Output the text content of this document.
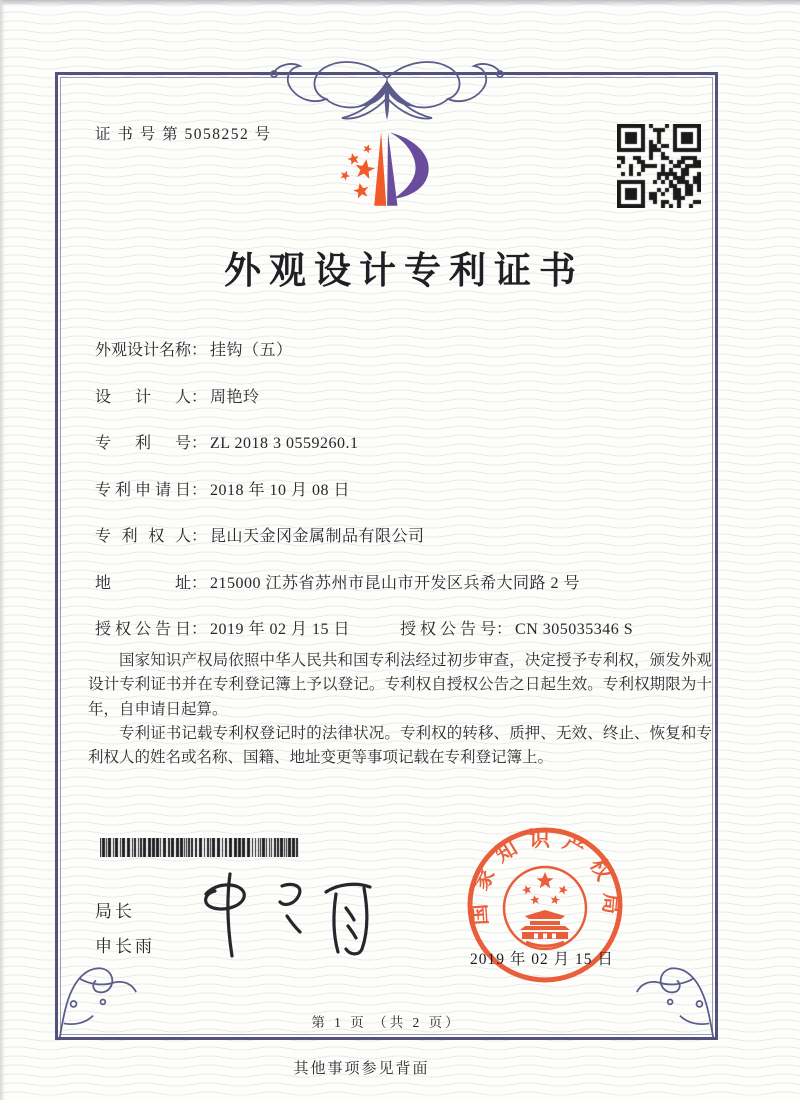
证 书 号 第 5058252 号
外观设计专利证书
外观设计名称： 挂钩（五）
设计人： 周艳玲
专利号： ZL 2018 3 0559260.1
专利申请日： 2018 年 10 月 08 日
专利权人： 昆山天金冈金属制品有限公司
地址： 215000 江苏省苏州市昆山市开发区兵希大同路 2 号
授权公告日： 2019 年 02 月 15 日	授权公告号： CN 305035346 S

国家知识产权局依照中华人民共和国专利法经过初步审查，决定授予专利权，颁发外观设计专利证书并在专利登记簿上予以登记。专利权自授权公告之日起生效。专利权期限为十年，自申请日起算。

专利证书记载专利权登记时的法律状况。专利权的转移、质押、无效、终止、恢复和专利权人的姓名或名称、国籍、地址变更等事项记载在专利登记簿上。

局长
申长雨
国家知识产权局
2019 年 02 月 15 日
第 1 页 （共 2 页）
其他事项参见背面
